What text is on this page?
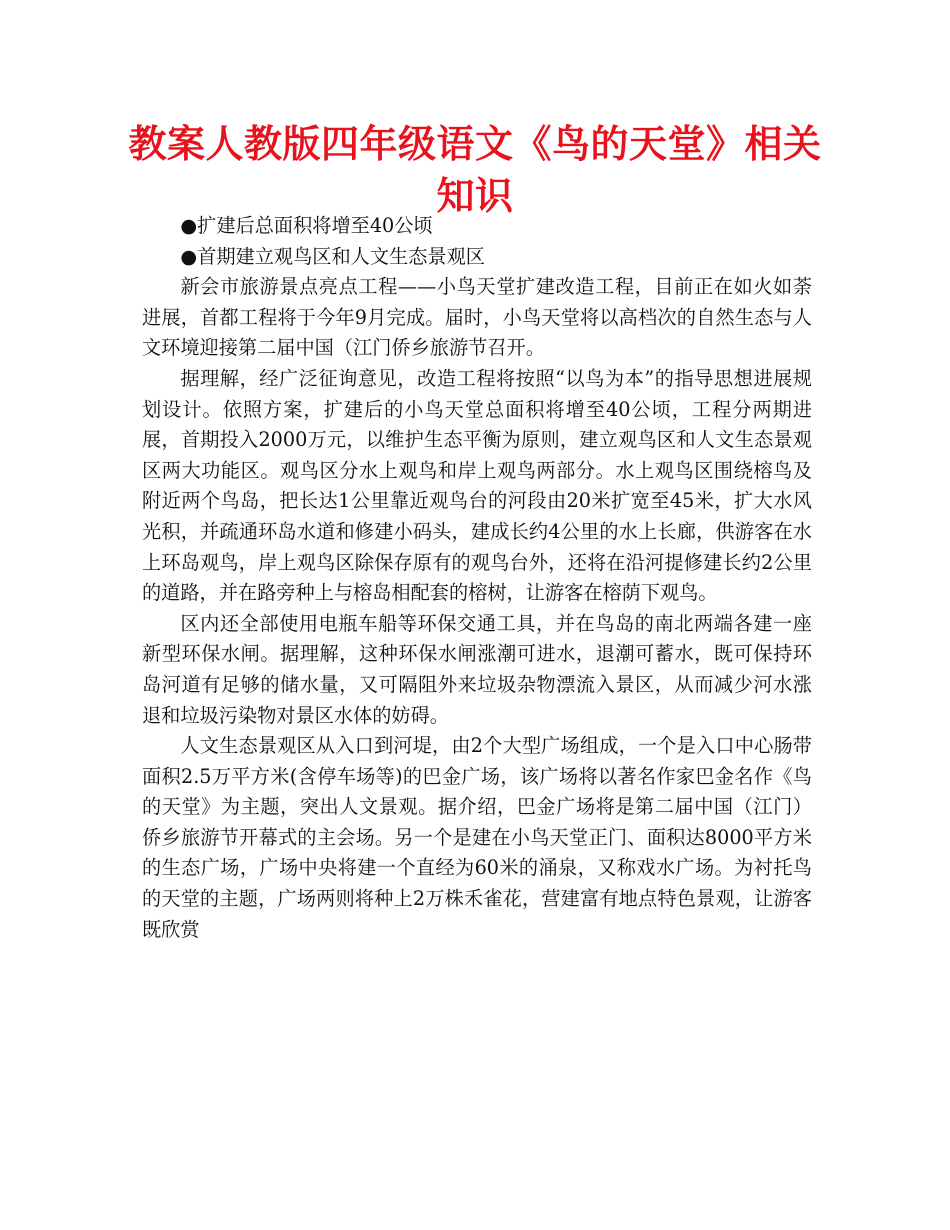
教案人教版四年级语文《鸟的天堂》相关知识

●扩建后总面积将增至40公顷

●首期建立观鸟区和人文生态景观区

新会市旅游景点亮点工程——小鸟天堂扩建改造工程，目前正在如火如荼进展，首都工程将于今年9月完成。届时，小鸟天堂将以高档次的自然生态与人文环境迎接第二届中国（江门侨乡旅游节召开。

据理解，经广泛征询意见，改造工程将按照“以鸟为本”的指导思想进展规划设计。依照方案，扩建后的小鸟天堂总面积将增至40公顷，工程分两期进展，首期投入2000万元，以维护生态平衡为原则，建立观鸟区和人文生态景观区两大功能区。观鸟区分水上观鸟和岸上观鸟两部分。水上观鸟区围绕榕鸟及附近两个鸟岛，把长达1公里靠近观鸟台的河段由20米扩宽至45米，扩大水风光积，并疏通环岛水道和修建小码头，建成长约4公里的水上长廊，供游客在水上环岛观鸟，岸上观鸟区除保存原有的观鸟台外，还将在沿河提修建长约2公里的道路，并在路旁种上与榕岛相配套的榕树，让游客在榕荫下观鸟。

区内还全部使用电瓶车船等环保交通工具，并在鸟岛的南北两端各建一座新型环保水闸。据理解，这种环保水闸涨潮可进水，退潮可蓄水，既可保持环岛河道有足够的储水量，又可隔阻外来垃圾杂物漂流入景区，从而减少河水涨退和垃圾污染物对景区水体的妨碍。

人文生态景观区从入口到河堤，由2个大型广场组成，一个是入口中心肠带面积2.5万平方米(含停车场等)的巴金广场，该广场将以著名作家巴金名作《鸟的天堂》为主题，突出人文景观。据介绍，巴金广场将是第二届中国（江门）侨乡旅游节开幕式的主会场。另一个是建在小鸟天堂正门、面积达8000平方米的生态广场，广场中央将建一个直经为60米的涌泉，又称戏水广场。为衬托鸟的天堂的主题，广场两则将种上2万株禾雀花，营建富有地点特色景观，让游客既欣赏
